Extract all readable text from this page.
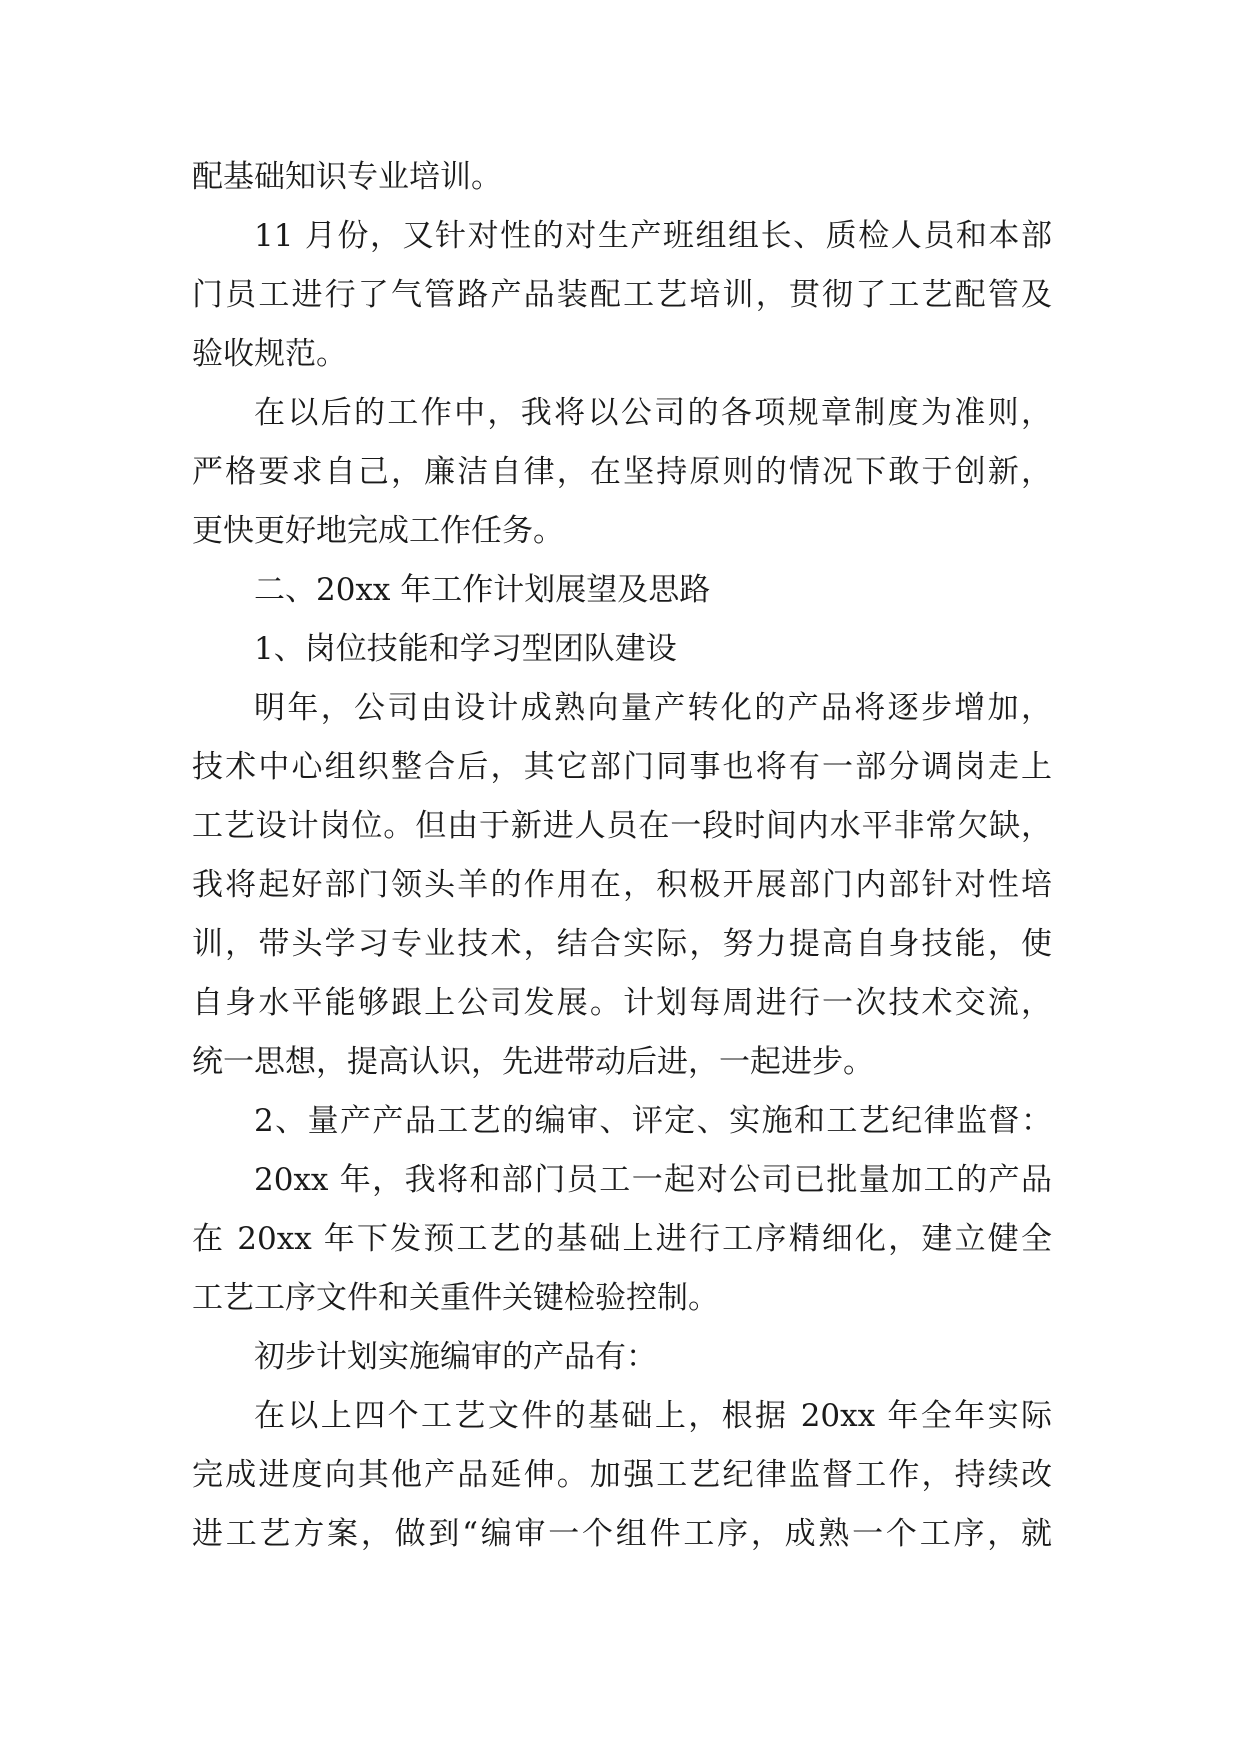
配基础知识专业培训。
11 月份，又针对性的对生产班组组长、质检人员和本部
门员工进行了气管路产品装配工艺培训，贯彻了工艺配管及
验收规范。
在以后的工作中，我将以公司的各项规章制度为准则，
严格要求自己，廉洁自律，在坚持原则的情况下敢于创新，
更快更好地完成工作任务。
二、20xx 年工作计划展望及思路
1、岗位技能和学习型团队建设
明年，公司由设计成熟向量产转化的产品将逐步增加，
技术中心组织整合后，其它部门同事也将有一部分调岗走上
工艺设计岗位。但由于新进人员在一段时间内水平非常欠缺，
我将起好部门领头羊的作用在，积极开展部门内部针对性培
训，带头学习专业技术，结合实际，努力提高自身技能，使
自身水平能够跟上公司发展。计划每周进行一次技术交流，
统一思想，提高认识，先进带动后进，一起进步。
2、量产产品工艺的编审、评定、实施和工艺纪律监督：
20xx 年，我将和部门员工一起对公司已批量加工的产品
在 20xx 年下发预工艺的基础上进行工序精细化，建立健全
工艺工序文件和关重件关键检验控制。
初步计划实施编审的产品有：
在以上四个工艺文件的基础上，根据 20xx 年全年实际
完成进度向其他产品延伸。加强工艺纪律监督工作，持续改
进工艺方案，做到“编审一个组件工序，成熟一个工序，就
